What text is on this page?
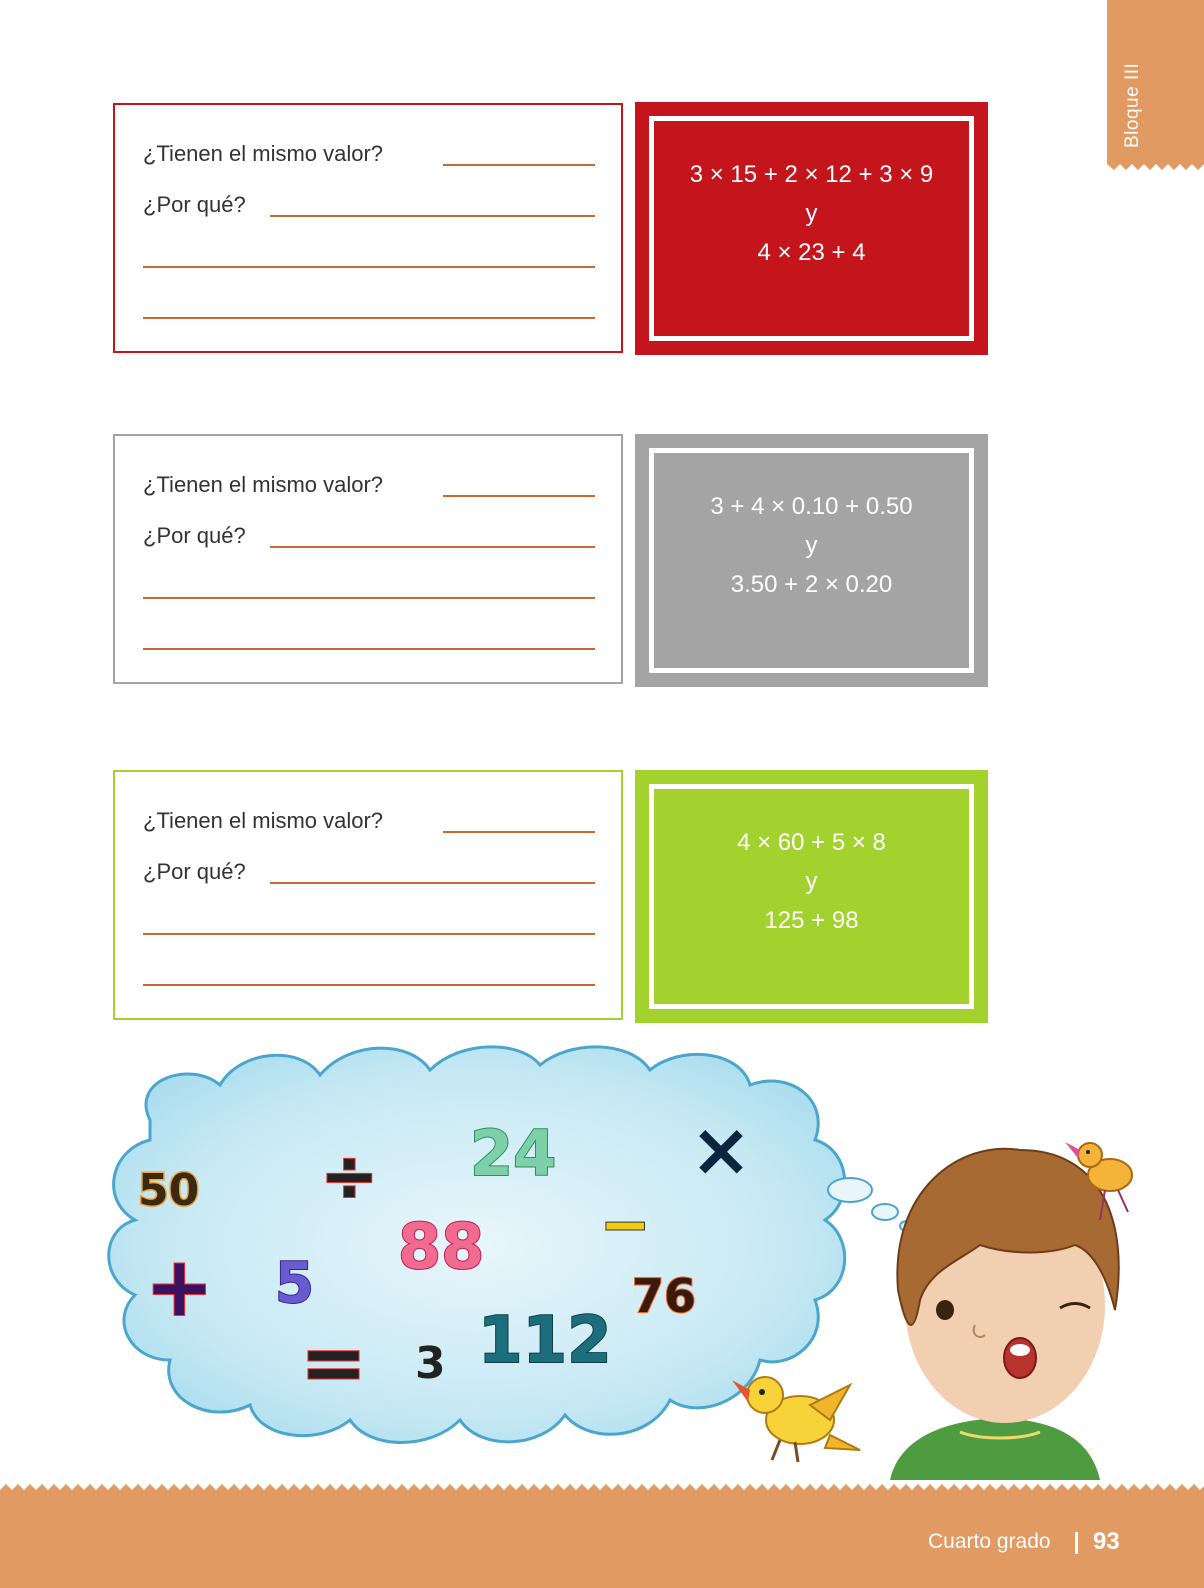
Bloque III
¿Tienen el mismo valor?
¿Por qué?
3 × 15 + 2 × 12 + 3 × 9
y
4 × 23 + 4
¿Tienen el mismo valor?
¿Por qué?
3 + 4 × 0.10 + 0.50
y
3.50 + 2 × 0.20
¿Tienen el mismo valor?
¿Por qué?
4 × 60 + 5 × 8
y
125 + 98
50 ÷ 24 ×
88 −
+ 5	76
= 3 112
Cuarto grado 93
